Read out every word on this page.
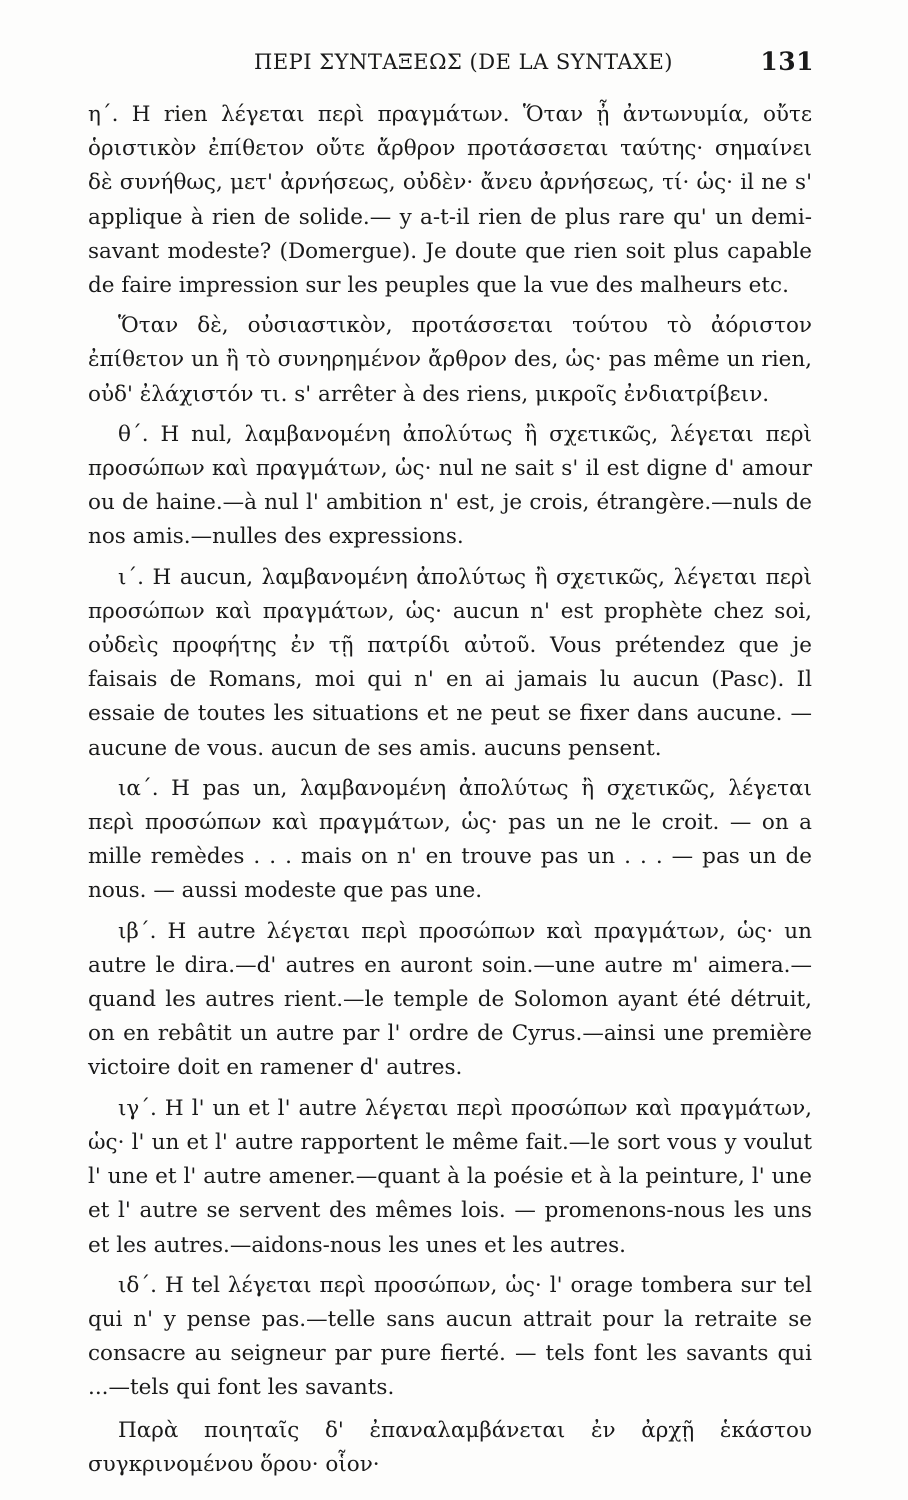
ΠΕΡΙ ΣΥΝΤΑΞΕΩΣ (DE LA SYNTAXE)	131

η΄. Η rien λέγεται περὶ πραγμάτων. Ὅταν ᾖ ἀντωνυμία, οὔτε ὁριστικὸν ἐπίθετον οὔτε ἄρθρον προτάσσεται ταύτης· σημαίνει δὲ συνήθως, μετ' ἀρνήσεως, οὐδὲν· ἄνευ ἀρνήσεως, τί· ὡς· il ne s' applique à rien de solide.— y a-t-il rien de plus rare qu' un demi-savant modeste? (Domergue). Je doute que rien soit plus capable de faire impression sur les peuples que la vue des malheurs etc.

Ὅταν δὲ, οὐσιαστικὸν, προτάσσεται τούτου τὸ ἀόριστον ἐπίθετον un ἢ τὸ συνηρημένον ἄρθρον des, ὡς· pas même un rien, οὐδ' ἐλάχιστόν τι. s' arrêter à des riens, μικροῖς ἐνδιατρίβειν.

θ΄. Η nul, λαμβανομένη ἀπολύτως ἢ σχετικῶς, λέγεται περὶ προσώπων καὶ πραγμάτων, ὡς· nul ne sait s' il est digne d' amour ou de haine.—à nul l' ambition n' est, je crois, étrangère.—nuls de nos amis.—nulles des expressions.

ι΄. Η aucun, λαμβανομένη ἀπολύτως ἢ σχετικῶς, λέγεται περὶ προσώπων καὶ πραγμάτων, ὡς· aucun n' est prophète chez soi, οὐδεὶς προφήτης ἐν τῇ πατρίδι αὐτοῦ. Vous prétendez que je faisais de Romans, moi qui n' en ai jamais lu aucun (Pasc). Il essaie de toutes les situations et ne peut se fixer dans aucune. — aucune de vous. aucun de ses amis. aucuns pensent.

ια΄. Η pas un, λαμβανομένη ἀπολύτως ἢ σχετικῶς, λέγεται περὶ προσώπων καὶ πραγμάτων, ὡς· pas un ne le croit. — on a mille remèdes . . . mais on n' en trouve pas un . . . — pas un de nous. — aussi modeste que pas une.

ιβ΄. Η autre λέγεται περὶ προσώπων καὶ πραγμάτων, ὡς· un autre le dira.—d' autres en auront soin.—une autre m' aimera.—quand les autres rient.—le temple de Solomon ayant été détruit, on en rebâtit un autre par l' ordre de Cyrus.—ainsi une première victoire doit en ramener d' autres.

ιγ΄. Η l' un et l' autre λέγεται περὶ προσώπων καὶ πραγμάτων, ὡς· l' un et l' autre rapportent le même fait.—le sort vous y voulut l' une et l' autre amener.—quant à la poésie et à la peinture, l' une et l' autre se servent des mêmes lois. — promenons-nous les uns et les autres.—aidons-nous les unes et les autres.

ιδ΄. Η tel λέγεται περὶ προσώπων, ὡς· l' orage tombera sur tel qui n' y pense pas.—telle sans aucun attrait pour la retraite se consacre au seigneur par pure fierté. — tels font les savants qui ...—tels qui font les savants.

Παρὰ ποιηταῖς δ' ἐπαναλαμβάνεται ἐν ἀρχῇ ἑκάστου συγκρινομένου ὅρου· οἷον·
